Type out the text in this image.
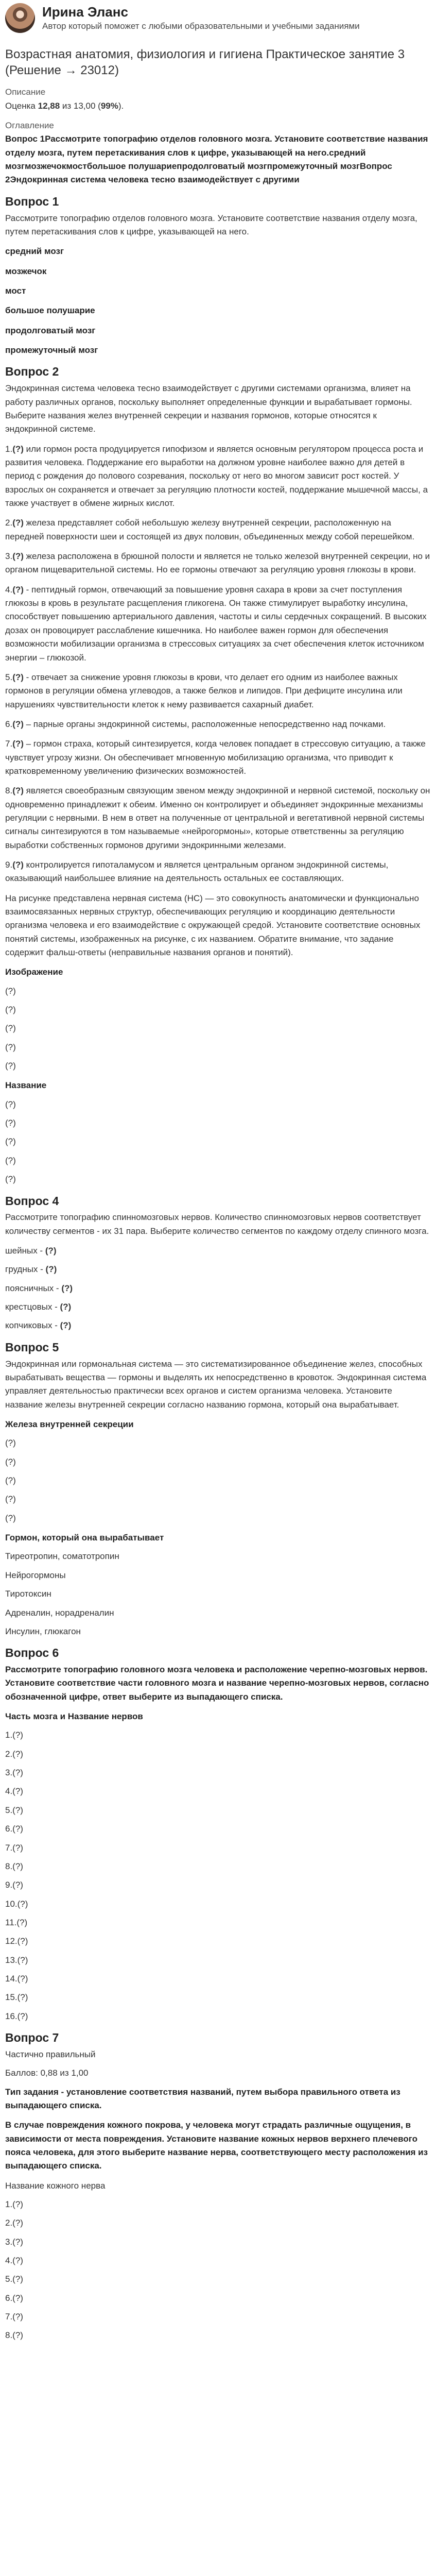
Ирина Эланс
Автор который поможет с любыми образовательными и учебными заданиями
Возрастная анатомия, физиология и гигиена Практическое занятие 3 (Решение → 23012)
Описание
Оценка 12,88 из 13,00 (99%).
Оглавление

Вопрос 1Рассмотрите топографию отделов головного мозга. Установите соответствие названия отделу мозга, путем перетаскивания слов к цифре, указывающей на него.средний мозгмозжечокмостбольшое полушариепродолговатый мозгпромежуточный мозгВопрос 2Эндокринная система человека тесно взаимодействует с другими

Вопрос 1

Рассмотрите топографию отделов головного мозга. Установите соответствие названия отделу мозга, путем перетаскивания слов к цифре, указывающей на него.

средний мозг
мозжечок
мост
большое полушарие
продолговатый мозг
промежуточный мозг
Вопрос 2

Эндокринная система человека тесно взаимодействует с другими системами организма, влияет на работу различных органов, поскольку выполняет определенные функции и вырабатывает гормоны. Выберите названия желез внутренней секреции и названия гормонов, которые относятся к эндокринной системе.

1.(?) или гормон роста продуцируется гипофизом и является основным регулятором процесса роста и развития человека. Поддержание его выработки на должном уровне наиболее важно для детей в период с рождения до полового созревания, поскольку от него во многом зависит рост костей. У взрослых он сохраняется и отвечает за регуляцию плотности костей, поддержание мышечной массы, а также участвует в обмене жирных кислот.
2.(?) железа представляет собой небольшую железу внутренней секреции, расположенную на передней поверхности шеи и состоящей из двух половин, объединенных между собой перешейком.
3.(?) железа расположена в брюшной полости и является не только железой внутренней секреции, но и органом пищеварительной системы. Но ее гормоны отвечают за регуляцию уровня глюкозы в крови.
4.(?) - пептидный гормон, отвечающий за повышение уровня сахара в крови за счет поступления глюкозы в кровь в результате расщепления гликогена. Он также стимулирует выработку инсулина, способствует повышению артериального давления, частоты и силы сердечных сокращений. В высоких дозах он провоцирует расслабление кишечника. Но наиболее важен гормон для обеспечения возможности мобилизации организма в стрессовых ситуациях за счет обеспечения клеток источником энергии – глюкозой.
5.(?) - отвечает за снижение уровня глюкозы в крови, что делает его одним из наиболее важных гормонов в регуляции обмена углеводов, а также белков и липидов. При дефиците инсулина или нарушениях чувствительности клеток к нему развивается сахарный диабет.
6.(?) – парные органы эндокринной системы, расположенные непосредственно над почками.
7.(?) – гормон страха, который синтезируется, когда человек попадает в стрессовую ситуацию, а также чувствует угрозу жизни. Он обеспечивает мгновенную мобилизацию организма, что приводит к кратковременному увеличению физических возможностей.
8.(?) является своеобразным связующим звеном между эндокринной и нервной системой, поскольку он одновременно принадлежит к обеим. Именно он контролирует и объединяет эндокринные механизмы регуляции с нервными. В нем в ответ на полученные от центральной и вегетативной нервной системы сигналы синтезируются в том называемые «нейрогормоны», которые ответственны за регуляцию выработки собственных гормонов другими эндокринными железами.
9.(?) контролируется гипоталамусом и является центральным органом эндокринной системы, оказывающий наибольшее влияние на деятельность остальных ее составляющих.

На рисунке представлена нервная система (НС) — это совокупность анатомически и функционально взаимосвязанных нервных структур, обеспечивающих регуляцию и координацию деятельности организма человека и его взаимодействие с окружающей средой. Установите соответствие основных понятий системы, изображенных на рисунке, с их названием. Обратите внимание, что задание содержит фальш-ответы (неправильные названия органов и понятий).

Изображение
(?)
(?)
(?)
(?)
(?)
Название
(?)
(?)
(?)
(?)
(?)
Вопрос 4

Рассмотрите топографию спинномозговых нервов. Количество спинномозговых нервов соответствует количеству сегментов - их 31 пара. Выберите количество сегментов по каждому отделу спинного мозга.

шейных - (?)
грудных - (?)
поясничных - (?)
крестцовых - (?)
копчиковых - (?)
Вопрос 5

Эндокринная или гормональная система — это систематизированное объединение желез, способных вырабатывать вещества — гормоны и выделять их непосредственно в кровоток. Эндокринная система управляет деятельностью практически всех органов и систем организма человека. Установите название железы внутренней секреции согласно названию гормона, который она вырабатывает.

Железа внутренней секреции
(?)
(?)
(?)
(?)
(?)
Гормон, который она вырабатывает
Тиреотропин, соматотропин
Нейрогормоны
Тиротоксин
Адреналин, норадреналин
Инсулин, глюкагон
Вопрос 6

Рассмотрите топографию головного мозга человека и расположение черепно-мозговых нервов. Установите соответствие части головного мозга и название черепно-мозговых нервов, согласно обозначенной цифре, ответ выберите из выпадающего списка.

Часть мозга и Название нервов
1.(?)
2.(?)
3.(?)
4.(?)
5.(?)
6.(?)
7.(?)
8.(?)
9.(?)
10.(?)
11.(?)
12.(?)
13.(?)
14.(?)
15.(?)
16.(?)
Вопрос 7
Частично правильный
Баллов: 0,88 из 1,00

Тип задания - установление соответствия названий, путем выбора правильного ответа из выпадающего списка.

В случае повреждения кожного покрова, у человека могут страдать различные ощущения, в зависимости от места повреждения. Установите название кожных нервов верхнего плечевого пояса человека, для этого выберите название нерва, соответствующего месту расположения из выпадающего списка.

Название кожного нерва
1.(?)
2.(?)
3.(?)
4.(?)
5.(?)
6.(?)
7.(?)
8.(?)
